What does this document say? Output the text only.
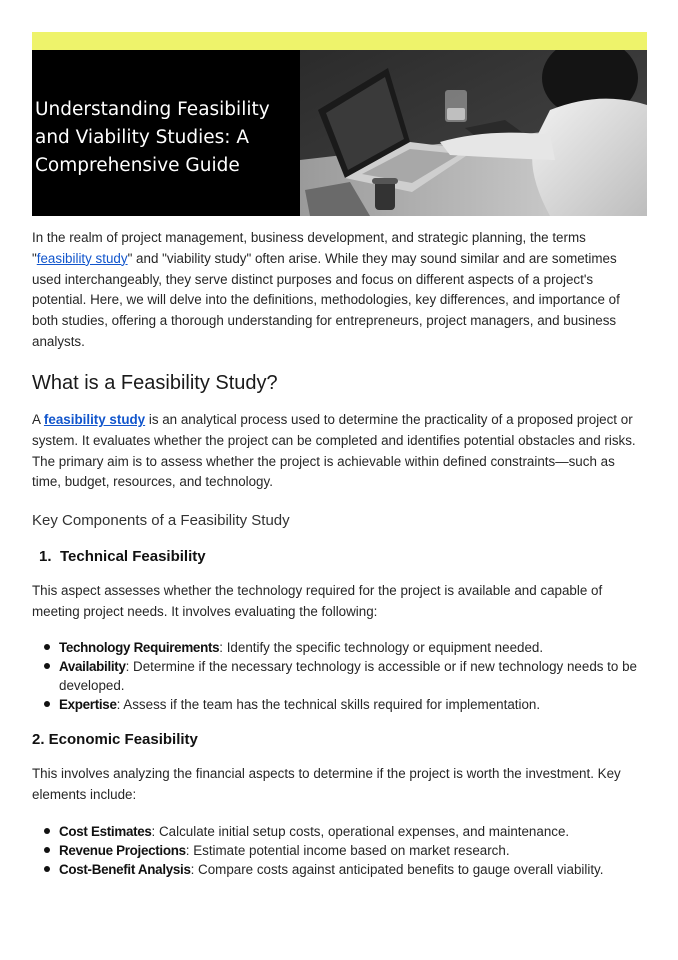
Understanding Feasibility and Viability Studies: A Comprehensive Guide

In the realm of project management, business development, and strategic planning, the terms "feasibility study" and "viability study" often arise. While they may sound similar and are sometimes used interchangeably, they serve distinct purposes and focus on different aspects of a project's potential. Here, we will delve into the definitions, methodologies, key differences, and importance of both studies, offering a thorough understanding for entrepreneurs, project managers, and business analysts.

What is a Feasibility Study?

A feasibility study is an analytical process used to determine the practicality of a proposed project or system. It evaluates whether the project can be completed and identifies potential obstacles and risks. The primary aim is to assess whether the project is achievable within defined constraints—such as time, budget, resources, and technology.

Key Components of a Feasibility Study
1. Technical Feasibility

This aspect assesses whether the technology required for the project is available and capable of meeting project needs. It involves evaluating the following:

Technology Requirements: Identify the specific technology or equipment needed.
Availability: Determine if the necessary technology is accessible or if new technology needs to be developed.
Expertise: Assess if the team has the technical skills required for implementation.
2. Economic Feasibility

This involves analyzing the financial aspects to determine if the project is worth the investment. Key elements include:

Cost Estimates: Calculate initial setup costs, operational expenses, and maintenance.
Revenue Projections: Estimate potential income based on market research.
Cost-Benefit Analysis: Compare costs against anticipated benefits to gauge overall viability.
